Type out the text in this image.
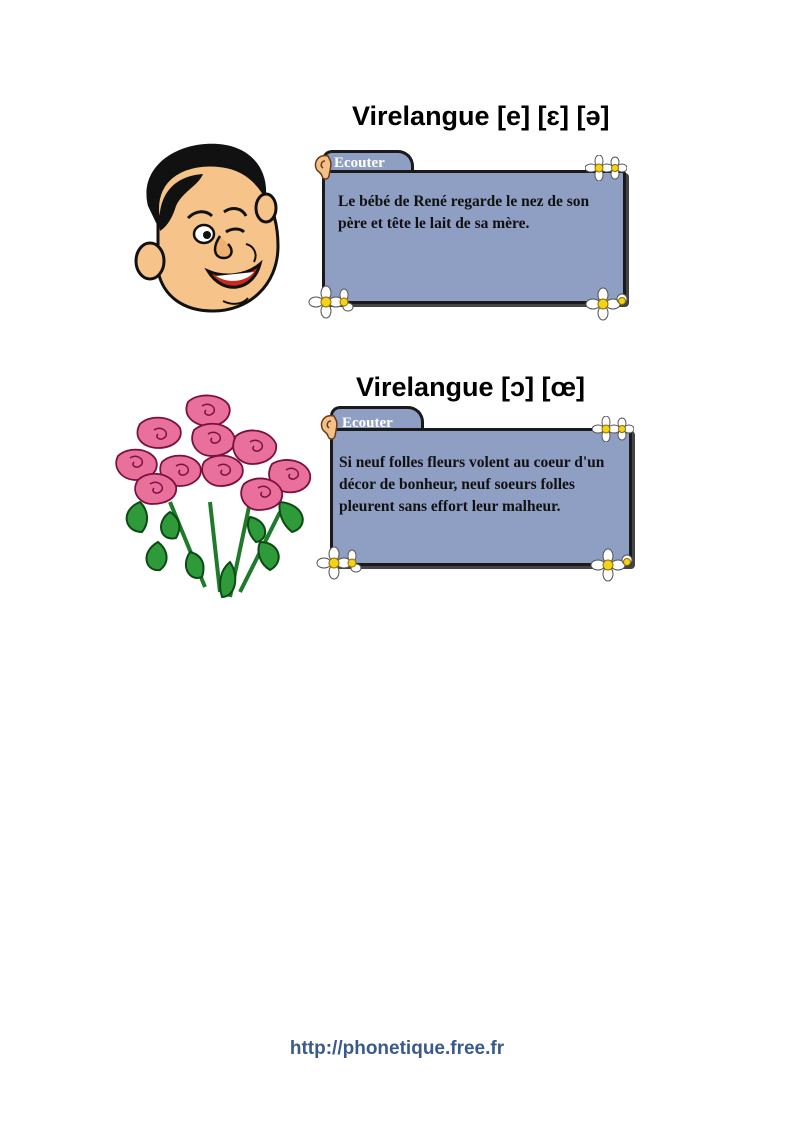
Virelangue [e] [ɛ] [ə]
Ecouter
Le bébé de René regarde le nez de son père et tête le lait de sa mère.
Virelangue [ɔ] [œ]
Ecouter
Si neuf folles fleurs volent au coeur d'un décor de bonheur, neuf soeurs folles pleurent sans effort leur malheur.
http://phonetique.free.fr
